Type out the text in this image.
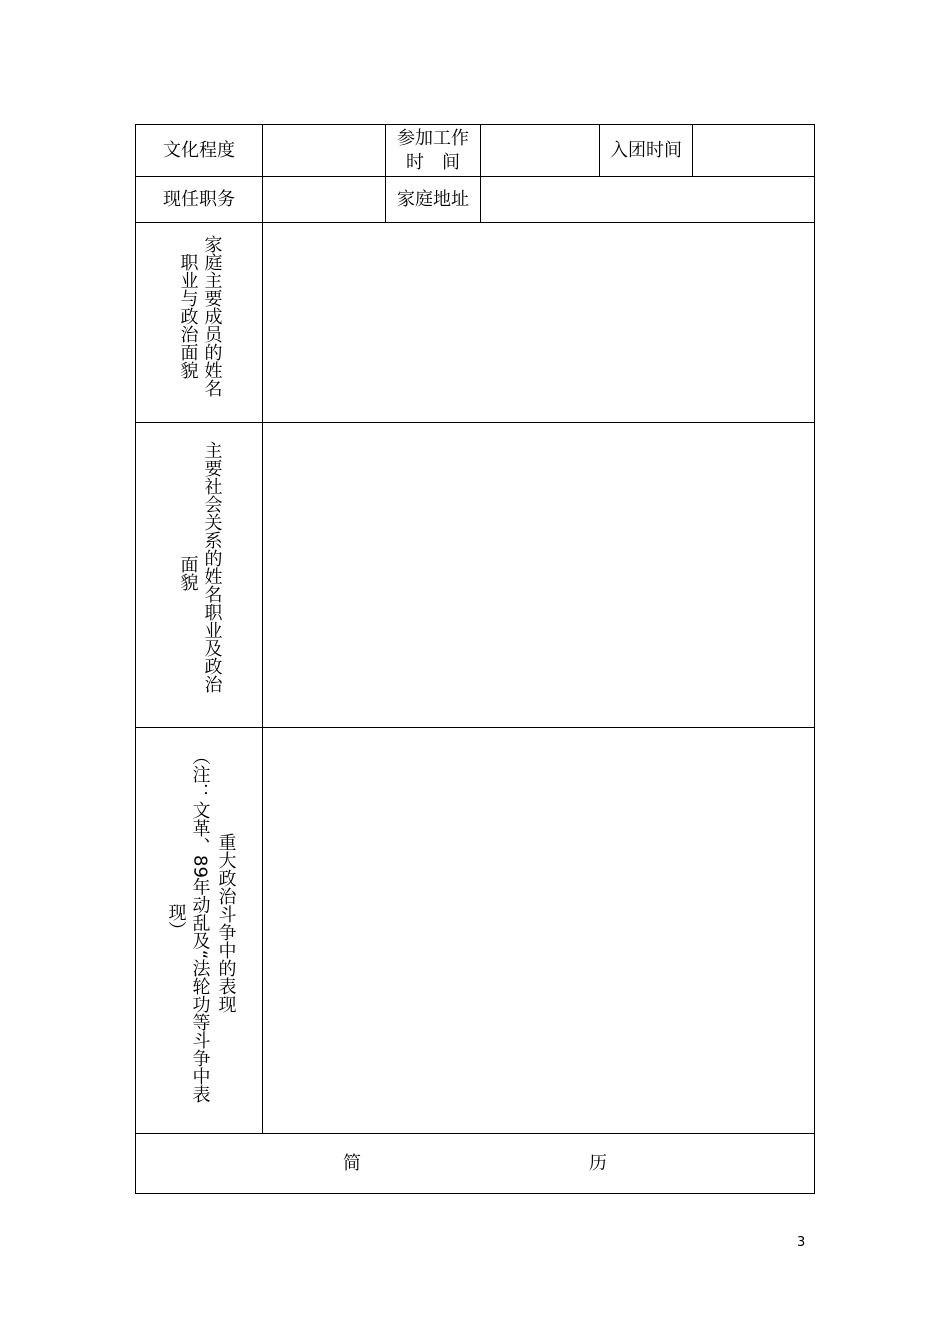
文化程度
参加工作
时　间
入团时间
现任职务	家庭地址
家庭主要成员的姓名
职业与政治面貌
主要社会关系的姓名职业及政治
面貌
重大政治斗争中的表现
（注：文革、89年动乱及“法轮功等斗争中表
现）
简	历
3
